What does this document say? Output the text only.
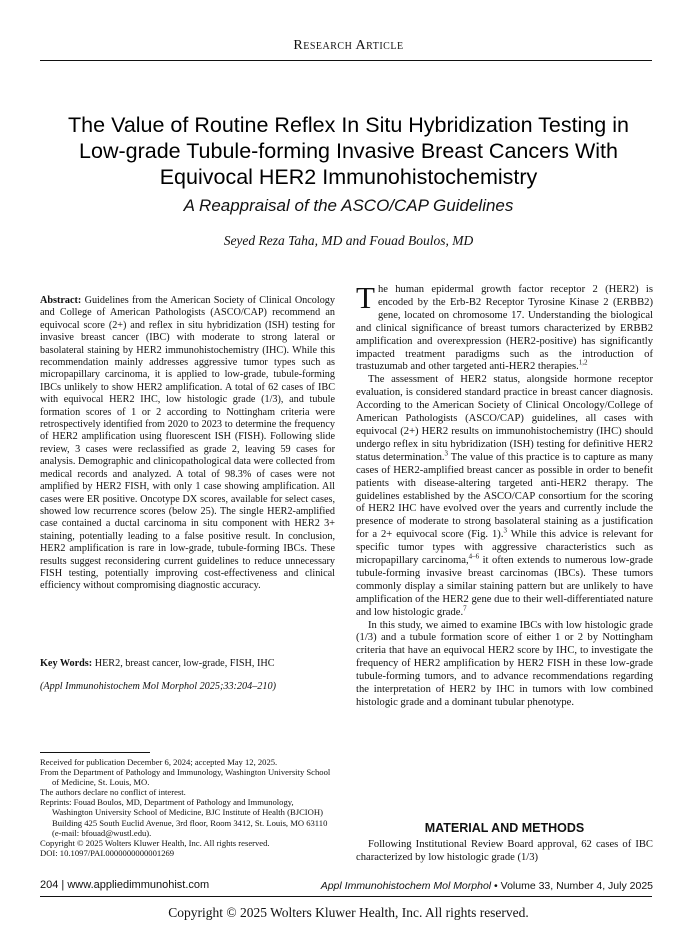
Research Article
The Value of Routine Reflex In Situ Hybridization Testing in
Low-grade Tubule-forming Invasive Breast Cancers With
Equivocal HER2 Immunohistochemistry
A Reappraisal of the ASCO/CAP Guidelines
Seyed Reza Taha, MD and Fouad Boulos, MD
Abstract: Guidelines from the American Society of Clinical Oncology and College of American Pathologists (ASCO/CAP) recommend an equivocal score (2+) and reflex in situ hybridization (ISH) testing for invasive breast cancer (IBC) with moderate to strong lateral or basolateral staining by HER2 immunohistochemistry (IHC). While this recommendation mainly addresses aggressive tumor types such as micropapillary carcinoma, it is applied to low-grade, tubule-forming IBCs unlikely to show HER2 amplification. A total of 62 cases of IBC with equivocal HER2 IHC, low histologic grade (1/3), and tubule formation scores of 1 or 2 according to Nottingham criteria were retrospectively identified from 2020 to 2023 to determine the frequency of HER2 amplification using fluorescent ISH (FISH). Following slide review, 3 cases were reclassified as grade 2, leaving 59 cases for analysis. Demographic and clinicopathological data were collected from medical records and analyzed. A total of 98.3% of cases were not amplified by HER2 FISH, with only 1 case showing amplification. All cases were ER positive. Oncotype DX scores, available for select cases, showed low recurrence scores (below 25). The single HER2-amplified case contained a ductal carcinoma in situ component with HER2 3+ staining, potentially leading to a false positive result. In conclusion, HER2 amplification is rare in low-grade, tubule-forming IBCs. These results suggest reconsidering current guidelines to reduce unnecessary FISH testing, potentially improving cost-effectiveness and clinical efficiency without compromising diagnostic accuracy.
Key Words: HER2, breast cancer, low-grade, FISH, IHC
(Appl Immunohistochem Mol Morphol 2025;33:204–210)

Received for publication December 6, 2024; accepted May 12, 2025.

From the Department of Pathology and Immunology, Washington University School of Medicine, St. Louis, MO.

The authors declare no conflict of interest.

Reprints: Fouad Boulos, MD, Department of Pathology and Immunology, Washington University School of Medicine, BJC Institute of Health (BJCIOH) Building 425 South Euclid Avenue, 3rd floor, Room 3412, St. Louis, MO 63110 (e-mail: bfouad@wustl.edu).

Copyright © 2025 Wolters Kluwer Health, Inc. All rights reserved.

DOI: 10.1097/PAI.0000000000001269

The human epidermal growth factor receptor 2 (HER2) is encoded by the Erb-B2 Receptor Tyrosine Kinase 2 (ERBB2) gene, located on chromosome 17. Understanding the biological and clinical significance of breast tumors characterized by ERBB2 amplification and overexpression (HER2-positive) has significantly impacted treatment paradigms such as the introduction of trastuzumab and other targeted anti-HER2 therapies.$^{1,2}$

The assessment of HER2 status, alongside hormone receptor evaluation, is considered standard practice in breast cancer diagnosis. According to the American Society of Clinical Oncology/College of American Pathologists (ASCO/CAP) guidelines, all cases with equivocal (2+) HER2 results on immunohistochemistry (IHC) should undergo reflex in situ hybridization (ISH) testing for definitive HER2 status determination.$^3$ The value of this practice is to capture as many cases of HER2-amplified breast cancer as possible in order to benefit patients with disease-altering targeted anti-HER2 therapy. The guidelines established by the ASCO/CAP consortium for the scoring of HER2 IHC have evolved over the years and currently include the presence of moderate to strong basolateral staining as a justification for a 2+ equivocal score (Fig. 1).$^3$ While this advice is relevant for specific tumor types with aggressive characteristics such as micropapillary carcinoma,$^{4-6}$ it often extends to numerous low-grade tubule-forming invasive breast carcinomas (IBCs). These tumors commonly display a similar staining pattern but are unlikely to have amplification of the HER2 gene due to their well-differentiated nature and low histologic grade.$^7$

In this study, we aimed to examine IBCs with low histologic grade (1/3) and a tubule formation score of either 1 or 2 by Nottingham criteria that have an equivocal HER2 score by IHC, to investigate the frequency of HER2 amplification by HER2 FISH in these low-grade tubule-forming tumors, and to advance recommendations regarding the interpretation of HER2 by IHC in tumors with low combined histologic grade and a dominant tubular phenotype.

MATERIAL AND METHODS

Following Institutional Review Board approval, 62 cases of IBC characterized by low histologic grade (1/3)

204 | www.appliedimmunohist.com	Appl Immunohistochem Mol Morphol • Volume 33, Number 4, July 2025
Copyright © 2025 Wolters Kluwer Health, Inc. All rights reserved.
